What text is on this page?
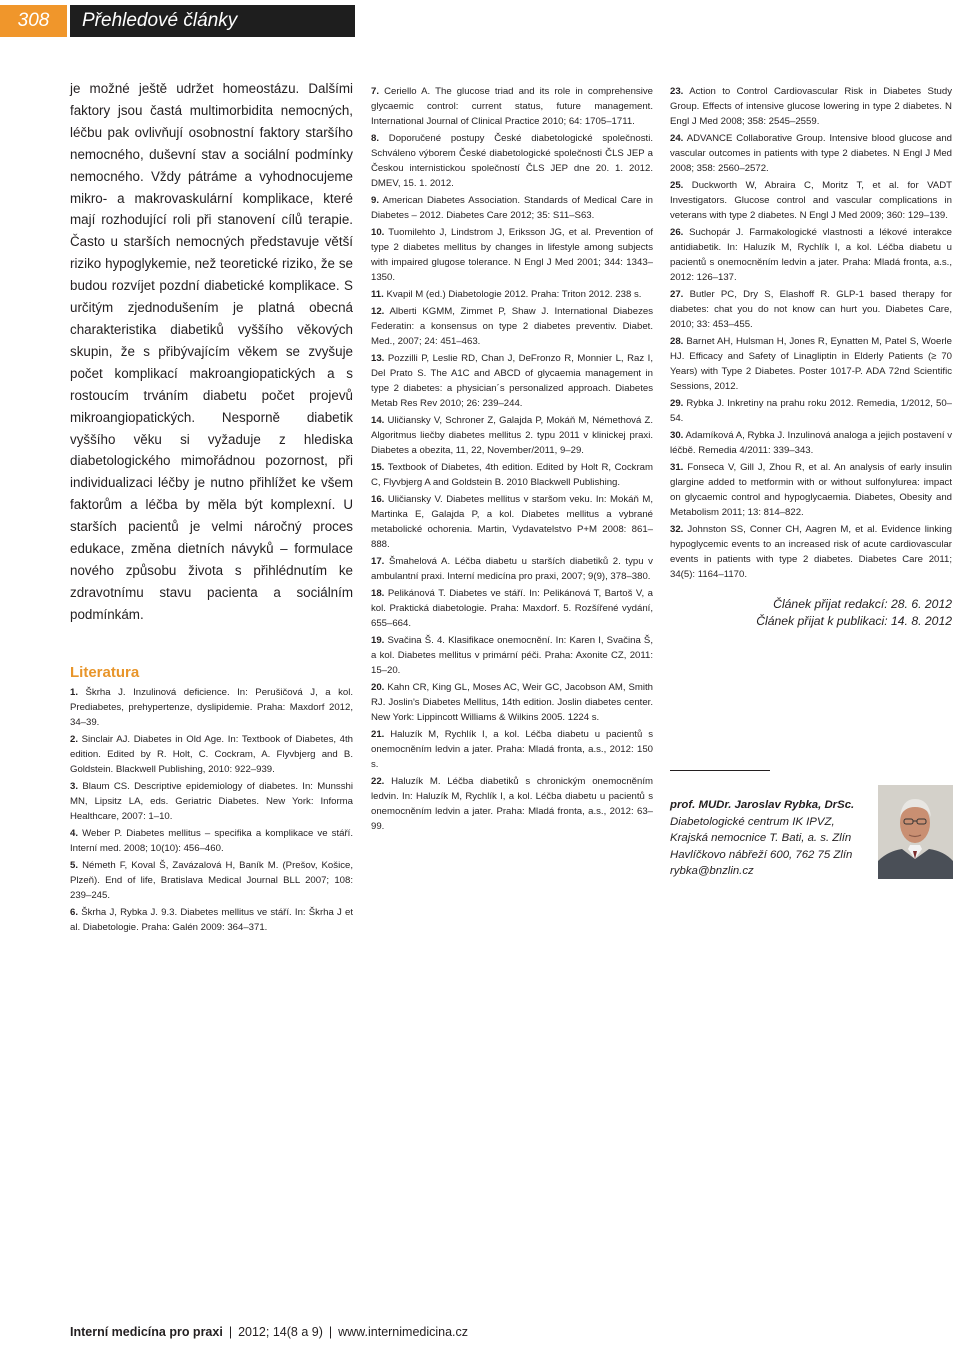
308	Přehledové články

je možné ještě udržet homeostázu. Dalšími faktory jsou častá multimorbidita nemocných, léčbu pak ovlivňují osobnostní faktory staršího nemocného, duševní stav a sociální podmínky nemocného. Vždy pátráme a vyhodnocujeme mikro- a makrovaskulární komplikace, které mají rozhodující roli při stanovení cílů terapie. Často u starších nemocných představuje větší riziko hypoglykemie, než teoretické riziko, že se budou rozvíjet pozdní diabetické komplikace. S určitým zjednodušením je platná obecná charakteristika diabetiků vyššího věkových skupin, že s přibývajícím věkem se zvyšuje počet komplikací makroangiopatických a s rostoucím trváním diabetu počet projevů mikroangiopatických. Nesporně diabetik vyššího věku si vyžaduje z hlediska diabetologického mimořádnou pozornost, při individualizaci léčby je nutno přihlížet ke všem faktorům a léčba by měla být komplexní. U starších pacientů je velmi náročný proces edukace, změna dietních návyků – formulace nového způsobu života s přihlédnutím ke zdravotnímu stavu pacienta a sociálním podmínkám.

Literatura
1. Škrha J. Inzulinová deficience. In: Perušičová J, a kol. Prediabetes, prehypertenze, dyslipidemie. Praha: Maxdorf 2012, 34–39.
2. Sinclair AJ. Diabetes in Old Age. In: Textbook of Diabetes, 4th edition. Edited by R. Holt, C. Cockram, A. Flyvbjerg and B. Goldstein. Blackwell Publishing, 2010: 922–939.
3. Blaum CS. Descriptive epidemiology of diabetes. In: Munsshi MN, Lipsitz LA, eds. Geriatric Diabetes. New York: Informa Healthcare, 2007: 1–10.
4. Weber P. Diabetes mellitus – specifika a komplikace ve stáří. Interní med. 2008; 10(10): 456–460.
5. Németh F, Koval Š, Zavázalová H, Baník M. (Prešov, Košice, Plzeň). End of life, Bratislava Medical Journal BLL 2007; 108: 239–245.
6. Škrha J, Rybka J. 9.3. Diabetes mellitus ve stáří. In: Škrha J et al. Diabetologie. Praha: Galén 2009: 364–371.
7. Ceriello A. The glucose triad and its role in comprehensive glycaemic control: current status, future management. International Journal of Clinical Practice 2010; 64: 1705–1711.
8. Doporučené postupy České diabetologické společnosti. Schváleno výborem České diabetologické společnosti ČLS JEP a Českou internistickou společností ČLS JEP dne 20. 1. 2012. DMEV, 15. 1. 2012.
9. American Diabetes Association. Standards of Medical Care in Diabetes – 2012. Diabetes Care 2012; 35: S11–S63.
10. Tuomilehto J, Lindstrom J, Eriksson JG, et al. Prevention of type 2 diabetes mellitus by changes in lifestyle among subjects with impaired glugose tolerance. N Engl J Med 2001; 344: 1343–1350.
11. Kvapil M (ed.) Diabetologie 2012. Praha: Triton 2012. 238 s.
12. Alberti KGMM, Zimmet P, Shaw J. International Diabezes Federatin: a konsensus on type 2 diabetes preventiv. Diabet. Med., 2007; 24: 451–463.
13. Pozzilli P, Leslie RD, Chan J, DeFronzo R, Monnier L, Raz I, Del Prato S. The A1C and ABCD of glycaemia management in type 2 diabetes: a physician´s personalized approach. Diabetes Metab Res Rev 2010; 26: 239–244.
14. Uličiansky V, Schroner Z, Galajda P, Mokáň M, Némethová Z. Algoritmus liečby diabetes mellitus 2. typu 2011 v klinickej praxi. Diabetes a obezita, 11, 22, November/2011, 9–29.
15. Textbook of Diabetes, 4th edition. Edited by Holt R, Cockram C, Flyvbjerg A and Goldstein B. 2010 Blackwell Publishing.
16. Uličiansky V. Diabetes mellitus v staršom veku. In: Mokáň M, Martinka E, Galajda P, a kol. Diabetes mellitus a vybrané metabolické ochorenia. Martin, Vydavatelstvo P+M 2008: 861–888.
17. Šmahelová A. Léčba diabetu u starších diabetiků 2. typu v ambulantní praxi. Interní medicína pro praxi, 2007; 9(9), 378–380.
18. Pelikánová T. Diabetes ve stáří. In: Pelikánová T, Bartoš V, a kol. Praktická diabetologie. Praha: Maxdorf. 5. Rozšířené vydání, 655–664.
19. Svačina Š. 4. Klasifikace onemocnění. In: Karen I, Svačina Š, a kol. Diabetes mellitus v primární péči. Praha: Axonite CZ, 2011: 15–20.
20. Kahn CR, King GL, Moses AC, Weir GC, Jacobson AM, Smith RJ. Joslin's Diabetes Mellitus, 14th edition. Joslin diabetes center. New York: Lippincott Williams & Wilkins 2005. 1224 s.
21. Haluzík M, Rychlík I, a kol. Léčba diabetu u pacientů s onemocněním ledvin a jater. Praha: Mladá fronta, a.s., 2012: 150 s.
22. Haluzík M. Léčba diabetiků s chronickým onemocněním ledvin. In: Haluzík M, Rychlík I, a kol. Léčba diabetu u pacientů s onemocněním ledvin a jater. Praha: Mladá fronta, a.s., 2012: 63–99.
23. Action to Control Cardiovascular Risk in Diabetes Study Group. Effects of intensive glucose lowering in type 2 diabetes. N Engl J Med 2008; 358: 2545–2559.
24. ADVANCE Collaborative Group. Intensive blood glucose and vascular outcomes in patients with type 2 diabetes. N Engl J Med 2008; 358: 2560–2572.
25. Duckworth W, Abraira C, Moritz T, et al. for VADT Investigators. Glucose control and vascular complications in veterans with type 2 diabetes. N Engl J Med 2009; 360: 129–139.
26. Suchopár J. Farmakologické vlastnosti a lékové interakce antidiabetik. In: Haluzík M, Rychlík I, a kol. Léčba diabetu u pacientů s onemocněním ledvin a jater. Praha: Mladá fronta, a.s., 2012: 126–137.
27. Butler PC, Dry S, Elashoff R. GLP-1 based therapy for diabetes: chat you do not know can hurt you. Diabetes Care, 2010; 33: 453–455.
28. Barnet AH, Hulsman H, Jones R, Eynatten M, Patel S, Woerle HJ. Efficacy and Safety of Linagliptin in Elderly Patients (≥ 70 Years) with Type 2 Diabetes. Poster 1017-P. ADA 72nd Scientific Sessions, 2012.
29. Rybka J. Inkretiny na prahu roku 2012. Remedia, 1/2012, 50–54.
30. Adamíková A, Rybka J. Inzulinová analoga a jejich postavení v léčbě. Remedia 4/2011: 339–343.
31. Fonseca V, Gill J, Zhou R, et al. An analysis of early insulin glargine added to metformin with or without sulfonylurea: impact on glycaemic control and hypoglycaemia. Diabetes, Obesity and Metabolism 2011; 13: 814–822.
32. Johnston SS, Conner CH, Aagren M, et al. Evidence linking hypoglycemic events to an increased risk of acute cardiovascular events in patients with type 2 diabetes. Diabetes Care 2011; 34(5): 1164–1170.
Článek přijat redakcí: 28. 6. 2012
Článek přijat k publikaci: 14. 8. 2012
prof. MUDr. Jaroslav Rybka, DrSc.
Diabetologické centrum IK IPVZ,
Krajská nemocnice T. Bati, a. s. Zlín
Havlíčkovo nábřeží 600, 762 75 Zlín
rybka@bnzlin.cz
Interní medicína pro praxi | 2012; 14(8 a 9) | www.internimedicina.cz
